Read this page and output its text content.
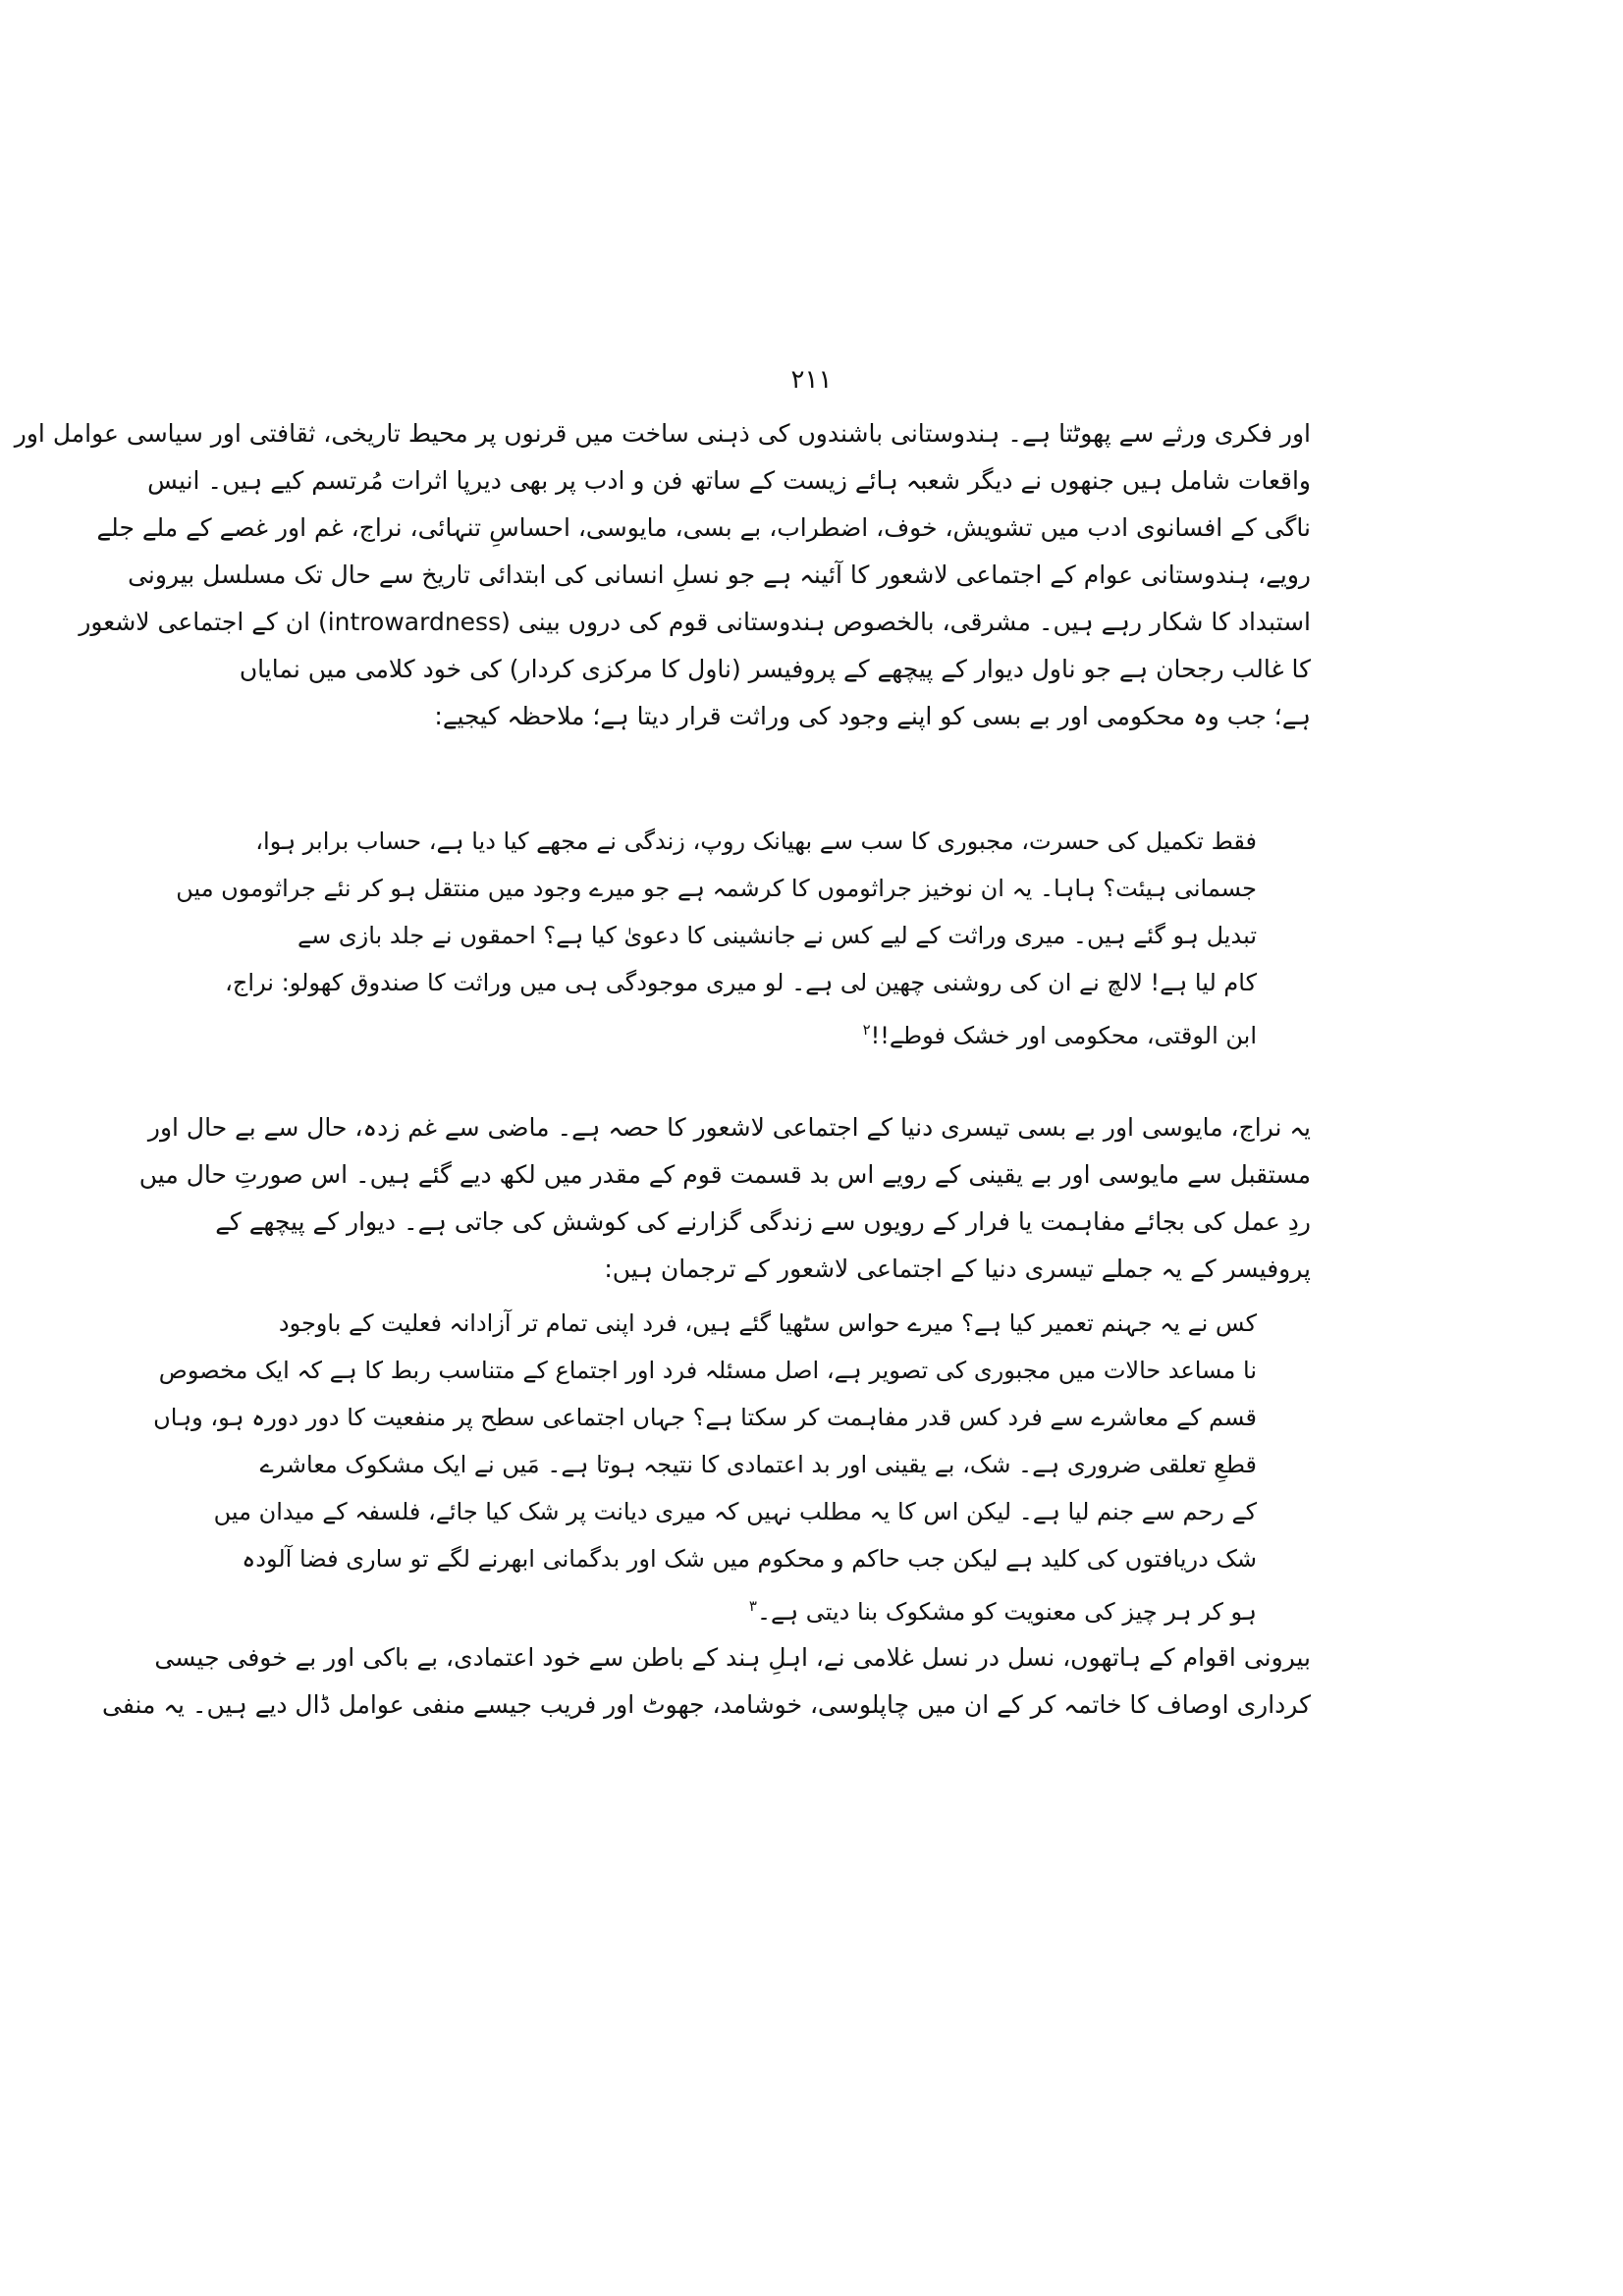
۲۱۱
اور فکری ورثے سے پھوٹتا ہے۔ ہندوستانی باشندوں کی ذہنی ساخت میں قرنوں پر محیط تاریخی، ثقافتی اور سیاسی عوامل اور
واقعات شامل ہیں جنھوں نے دیگر شعبہ ہائے زیست کے ساتھ فن و ادب پر بھی دیرپا اثرات مُرتسم کیے ہیں۔ انیس
ناگی کے افسانوی ادب میں تشویش، خوف، اضطراب، بے بسی، مایوسی، احساسِ تنہائی، نراج، غم اور غصے کے ملے جلے
رویے، ہندوستانی عوام کے اجتماعی لاشعور کا آئینہ ہے جو نسلِ انسانی کی ابتدائی تاریخ سے حال تک مسلسل بیرونی
استبداد کا شکار رہے ہیں۔ مشرقی، بالخصوص ہندوستانی قوم کی دروں بینی (introwardness) ان کے اجتماعی لاشعور
کا غالب رجحان ہے جو ناول دیوار کے پیچھے کے پروفیسر (ناول کا مرکزی کردار) کی خود کلامی میں نمایاں
ہے؛ جب وہ محکومی اور بے بسی کو اپنے وجود کی وراثت قرار دیتا ہے؛ ملاحظہ کیجیے:
فقط تکمیل کی حسرت، مجبوری کا سب سے بھیانک روپ، زندگی نے مجھے کیا دیا ہے، حساب برابر ہوا،
جسمانی ہیئت؟ ہاہا۔ یہ ان نوخیز جراثوموں کا کرشمہ ہے جو میرے وجود میں منتقل ہو کر نئے جراثوموں میں
تبدیل ہو گئے ہیں۔ میری وراثت کے لیے کس نے جانشینی کا دعویٰ کیا ہے؟ احمقوں نے جلد بازی سے
کام لیا ہے! لالچ نے ان کی روشنی چھین لی ہے۔ لو میری موجودگی ہی میں وراثت کا صندوق کھولو: نراج،
ابن الوقتی، محکومی اور خشک فوطے!!$^۲$
یہ نراج، مایوسی اور بے بسی تیسری دنیا کے اجتماعی لاشعور کا حصہ ہے۔ ماضی سے غم زدہ، حال سے بے حال اور
مستقبل سے مایوسی اور بے یقینی کے رویے اس بد قسمت قوم کے مقدر میں لکھ دیے گئے ہیں۔ اس صورتِ حال میں
ردِ عمل کی بجائے مفاہمت یا فرار کے رویوں سے زندگی گزارنے کی کوشش کی جاتی ہے۔ دیوار کے پیچھے کے
پروفیسر کے یہ جملے تیسری دنیا کے اجتماعی لاشعور کے ترجمان ہیں:
کس نے یہ جہنم تعمیر کیا ہے؟ میرے حواس سٹھیا گئے ہیں، فرد اپنی تمام تر آزادانہ فعلیت کے باوجود
نا مساعد حالات میں مجبوری کی تصویر ہے، اصل مسئلہ فرد اور اجتماع کے متناسب ربط کا ہے کہ ایک مخصوص
قسم کے معاشرے سے فرد کس قدر مفاہمت کر سکتا ہے؟ جہاں اجتماعی سطح پر منفعیت کا دور دورہ ہو، وہاں
قطعِ تعلقی ضروری ہے۔ شک، بے یقینی اور بد اعتمادی کا نتیجہ ہوتا ہے۔ مَیں نے ایک مشکوک معاشرے
کے رحم سے جنم لیا ہے۔ لیکن اس کا یہ مطلب نہیں کہ میری دیانت پر شک کیا جائے، فلسفہ کے میدان میں
شک دریافتوں کی کلید ہے لیکن جب حاکم و محکوم میں شک اور بدگمانی ابھرنے لگے تو ساری فضا آلودہ
ہو کر ہر چیز کی معنویت کو مشکوک بنا دیتی ہے۔$^۳$
بیرونی اقوام کے ہاتھوں، نسل در نسل غلامی نے، اہلِ ہند کے باطن سے خود اعتمادی، بے باکی اور بے خوفی جیسی
کرداری اوصاف کا خاتمہ کر کے ان میں چاپلوسی، خوشامد، جھوٹ اور فریب جیسے منفی عوامل ڈال دیے ہیں۔ یہ منفی
